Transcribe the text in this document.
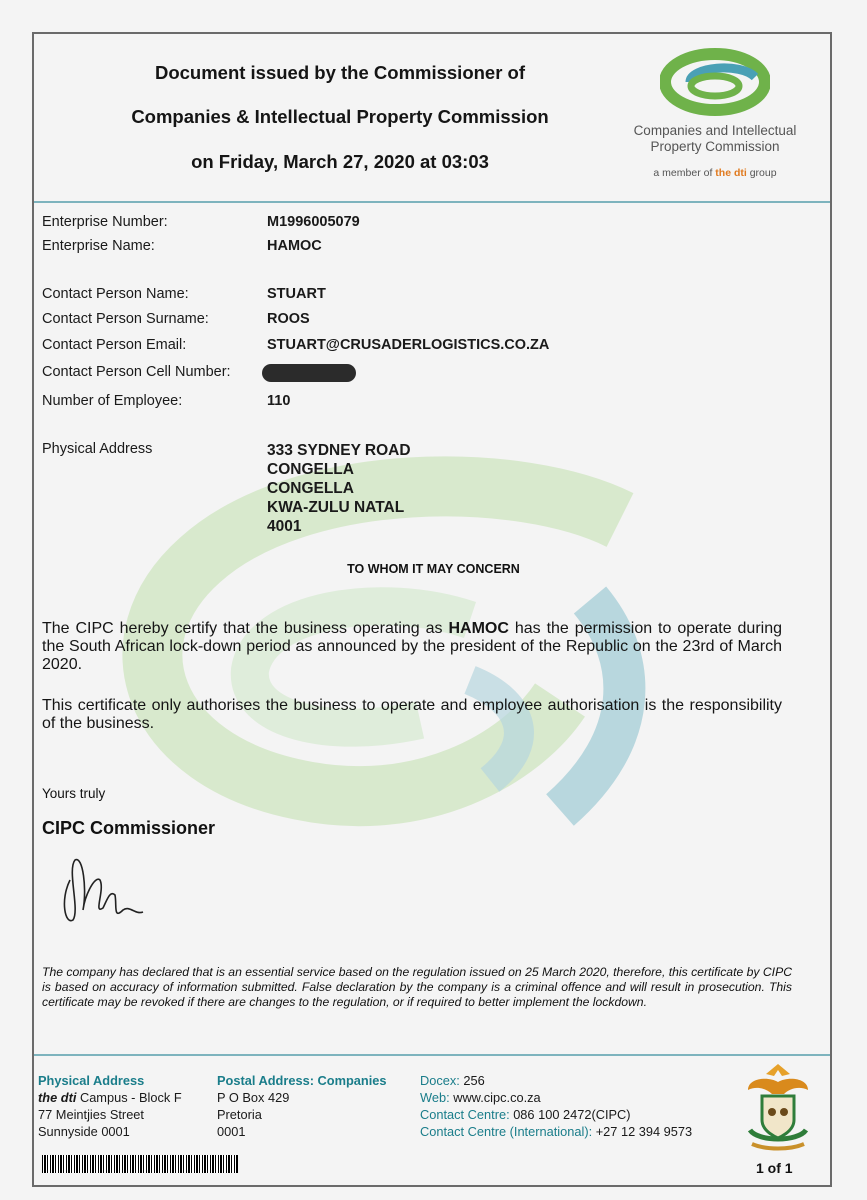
Document issued by the Commissioner of
Companies & Intellectual Property Commission
on Friday, March 27, 2020 at 03:03
Companies and Intellectual
Property Commission
a member of the dti group
Enterprise Number:	M1996005079
Enterprise Name:	HAMOC
Contact Person Name:	STUART
Contact Person Surname:	ROOS
Contact Person Email:	STUART@CRUSADERLOGISTICS.CO.ZA
Contact Person Cell Number:
Number of Employee:	110
Physical Address	333 SYDNEY ROAD
CONGELLA
CONGELLA
KWA-ZULU NATAL
4001
TO WHOM IT MAY CONCERN
The CIPC hereby certify that the business operating as HAMOC has the permission to operate during the South African lock-down period as announced by the president of the Republic on the 23rd of March 2020.
This certificate only authorises the business to operate and employee authorisation is the responsibility of the business.
Yours truly
CIPC Commissioner
The company has declared that is an essential service based on the regulation issued on 25 March 2020, therefore, this certificate by CIPC is based on accuracy of information submitted. False declaration by the company is a criminal offence and will result in prosecution. This certificate may be revoked if there are changes to the regulation, or if required to better implement the lockdown.
Physical Address
the dti Campus - Block F
77 Meintjies Street
Sunnyside 0001
Postal Address: Companies
P O Box 429
Pretoria
0001
Docex: 256
Web: www.cipc.co.za
Contact Centre: 086 100 2472(CIPC)
Contact Centre (International): +27 12 394 9573
1 of 1
